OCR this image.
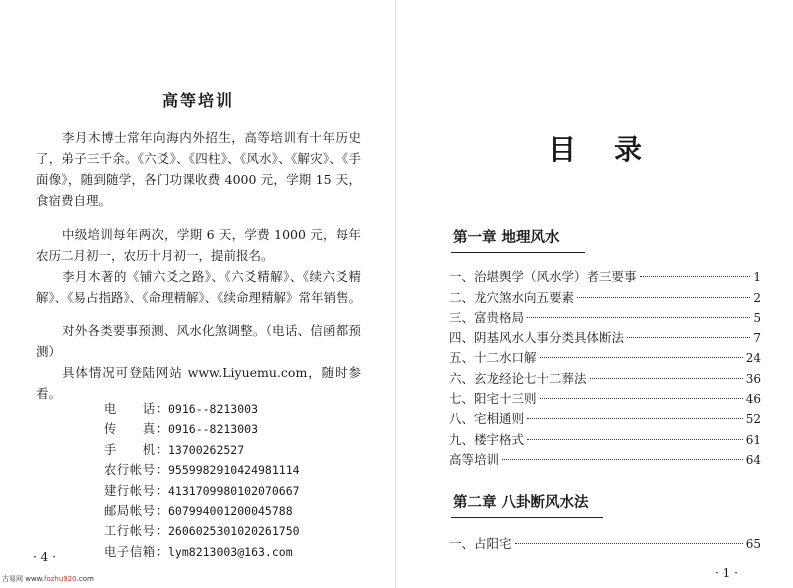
高等培训

李月木博士常年向海内外招生，高等培训有十年历史了，弟子三千余。《六爻》、《四柱》、《风水》、《解灾》、《手面像》，随到随学，各门功课收费 4000 元，学期 15 天，食宿费自理。

中级培训每年两次，学期 6 天，学费 1000 元，每年农历二月初一，农历十月初一，提前报名。

李月木著的《铺六爻之路》、《六爻精解》、《续六爻精解》、《易占指路》、《命理精解》、《续命理精解》常年销售。

对外各类要事预测、风水化煞调整。（电话、信函都预测）

具体情况可登陆网站 www.Liyuemu.com，随时参看。

电　　话： 0916--8213003
传　　真： 0916--8213003
手　　机： 13700262527
农行帐号： 9559982910424981114
建行帐号： 4131709980102070667
邮局帐号： 607994001200045788
工行帐号： 2606025301020261750
电子信箱： lym8213003@163.com
· 4 ·
古易网 www.fozhu920.com
目录
第一章 地理风水
一、治堪舆学（风水学）者三要事	1
二、龙穴煞水向五要素	2
三、富贵格局	5
四、阴基风水人事分类具体断法	7
五、十二水口解	24
六、玄龙经论七十二葬法	36
七、阳宅十三则	46
八、宅相通则	52
九、楼宇格式	61
高等培训	64
第二章 八卦断风水法
一、占阳宅	65
· 1 ·
